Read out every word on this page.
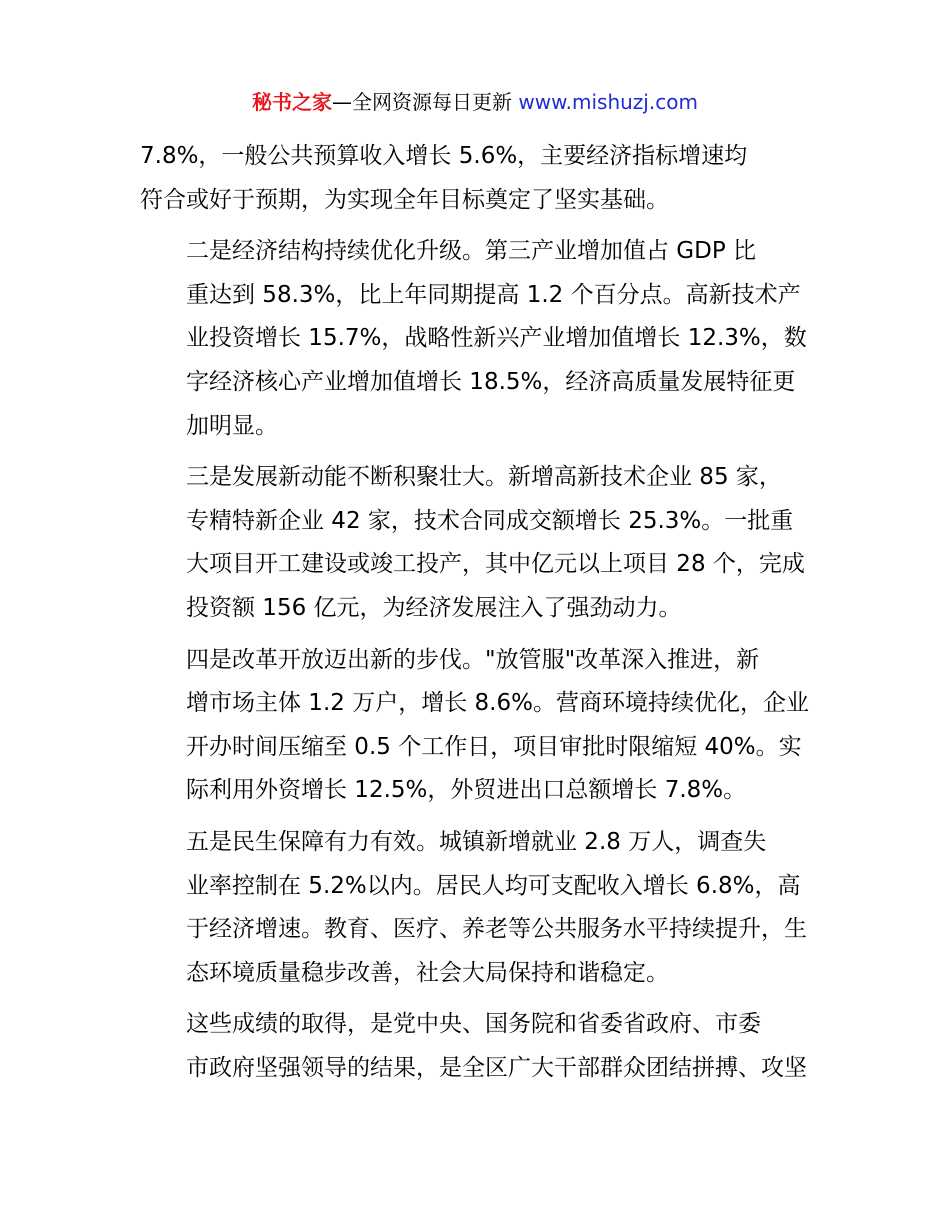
秘书之家—全网资源每日更新 www.mishuzj.com

7.8%，一般公共预算收入增长 5.6%，主要经济指标增速均
符合或好于预期，为实现全年目标奠定了坚实基础。

二是经济结构持续优化升级。第三产业增加值占 GDP 比
重达到 58.3%，比上年同期提高 1.2 个百分点。高新技术产
业投资增长 15.7%，战略性新兴产业增加值增长 12.3%，数
字经济核心产业增加值增长 18.5%，经济高质量发展特征更
加明显。

三是发展新动能不断积聚壮大。新增高新技术企业 85 家，
专精特新企业 42 家，技术合同成交额增长 25.3%。一批重
大项目开工建设或竣工投产，其中亿元以上项目 28 个，完成
投资额 156 亿元，为经济发展注入了强劲动力。

四是改革开放迈出新的步伐。"放管服"改革深入推进，新
增市场主体 1.2 万户，增长 8.6%。营商环境持续优化，企业
开办时间压缩至 0.5 个工作日，项目审批时限缩短 40%。实
际利用外资增长 12.5%，外贸进出口总额增长 7.8%。

五是民生保障有力有效。城镇新增就业 2.8 万人，调查失
业率控制在 5.2%以内。居民人均可支配收入增长 6.8%，高
于经济增速。教育、医疗、养老等公共服务水平持续提升，生
态环境质量稳步改善，社会大局保持和谐稳定。

这些成绩的取得，是党中央、国务院和省委省政府、市委
市政府坚强领导的结果，是全区广大干部群众团结拼搏、攻坚
